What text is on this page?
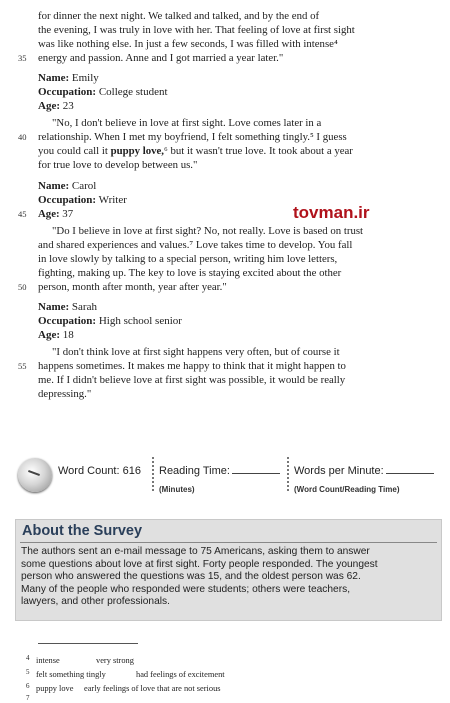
for dinner the next night. We talked and talked, and by the end of
the evening, I was truly in love with her. That feeling of love at first sight
was like nothing else. In just a few seconds, I was filled with intense⁴
35	energy and passion. Anne and I got married a year later."
Name: Emily
Occupation: College student
Age: 23
"No, I don't believe in love at first sight. Love comes later in a
40	relationship. When I met my boyfriend, I felt something tingly.⁵ I guess
you could call it puppy love,⁶ but it wasn't true love. It took about a year
for true love to develop between us."
Name: Carol
Occupation: Writer
45	Age: 37
"Do I believe in love at first sight? No, not really. Love is based on trust
and shared experiences and values.⁷ Love takes time to develop. You fall
in love slowly by talking to a special person, writing him love letters,
fighting, making up. The key to love is staying excited about the other
50	person, month after month, year after year."
Name: Sarah
Occupation: High school senior
Age: 18
"I don't think love at first sight happens very often, but of course it
55	happens sometimes. It makes me happy to think that it might happen to
me. If I didn't believe love at first sight was possible, it would be really
depressing."
tovman.ir
Word Count: 616 Reading Time:
(Minutes)
Words per Minute:
(Word Count/Reading Time)
About the Survey
The authors sent an e-mail message to 75 Americans, asking them to answer
some questions about love at first sight. Forty people responded. The youngest
person who answered the questions was 15, and the oldest person was 62.
Many of the people who responded were students; others were teachers,
lawyers, and other professionals.
4 intense	very strong
5 felt something tingly	had feelings of excitement
6 puppy love early feelings of love that are not serious
7
